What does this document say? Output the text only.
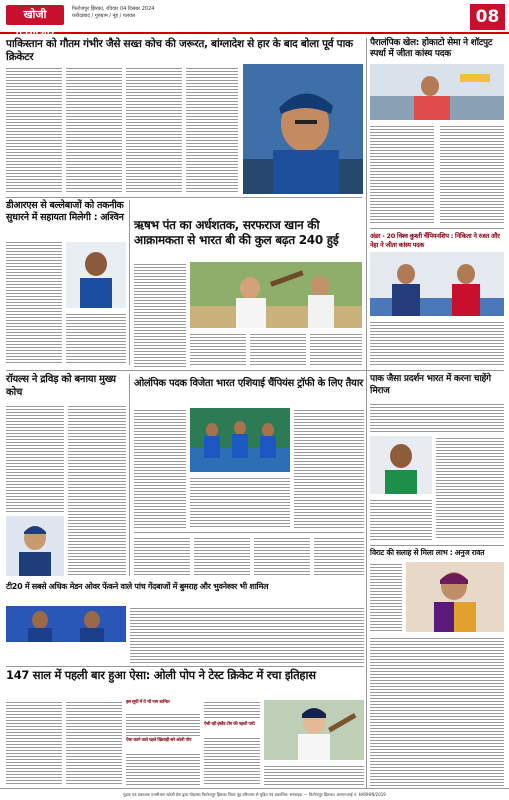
खोजी एनसीआर
फिरोजपुर झिरका, रविवार 04 दिसंबर 2024
फरीदाबाद / गुरुग्राम / नूंह / पलवल	08
पाकिस्तान को गौतम गंभीर जैसे सख्त कोच की जरूरत, बांग्लादेश से हार के बाद बोला पूर्व पाक क्रिकेटर
पैरालंपिक खेल: होकाटो सेमा ने शॉटपुट स्पर्धा में जीता कांस्य पदक
डीआरएस से बल्लेबाजों को तकनीक सुधारने में सहायता मिलेगी : अश्विन
ऋषभ पंत का अर्धशतक, सरफराज खान की आक्रामकता से भारत बी की कुल बढ़त 240 हुई	अंडर - 20 विश्व कुश्ती चैंपियनशिप : निकिता ने रजत और नेहा ने जीता कांस्य पदक
रॉयल्स ने द्रविड़ को बनाया मुख्य कोच
ओलंपिक पदक विजेता भारत एशियाई चैंपियंस ट्रॉफी के लिए तैयार पाक जैसा प्रदर्शन भारत में करना चाहेंगे मिराज
टी20 में सबसे अधिक मेडन ओवर फेंकने वाले पांच गेंदबाजों में बुमराह और भुवनेश्वर भी शामिल
विराट की सलाह से मिला लाभ : अनुज रावत
147 साल में पहली बार हुआ ऐसा: ओली पोप ने टेस्ट क्रिकेट में रचा इतिहास
इस सूची में ये भी नाम शामिल
ऐसा करने वाले पहले खिलाड़ी बने ओली पोप
ऐसी रही इंग्लैंड टीम की पहली पारी
मुद्रक एवं प्रकाशक एनसीआर खोजी प्रेस द्वारा मोहल्ला फिरोजपुर झिरका जिला नूंह हरियाणा से मुद्रित एवं प्रकाशित। सम्पादक — फिरोजपुर झिरका। आरएनआई नं. HARHIN/2019
